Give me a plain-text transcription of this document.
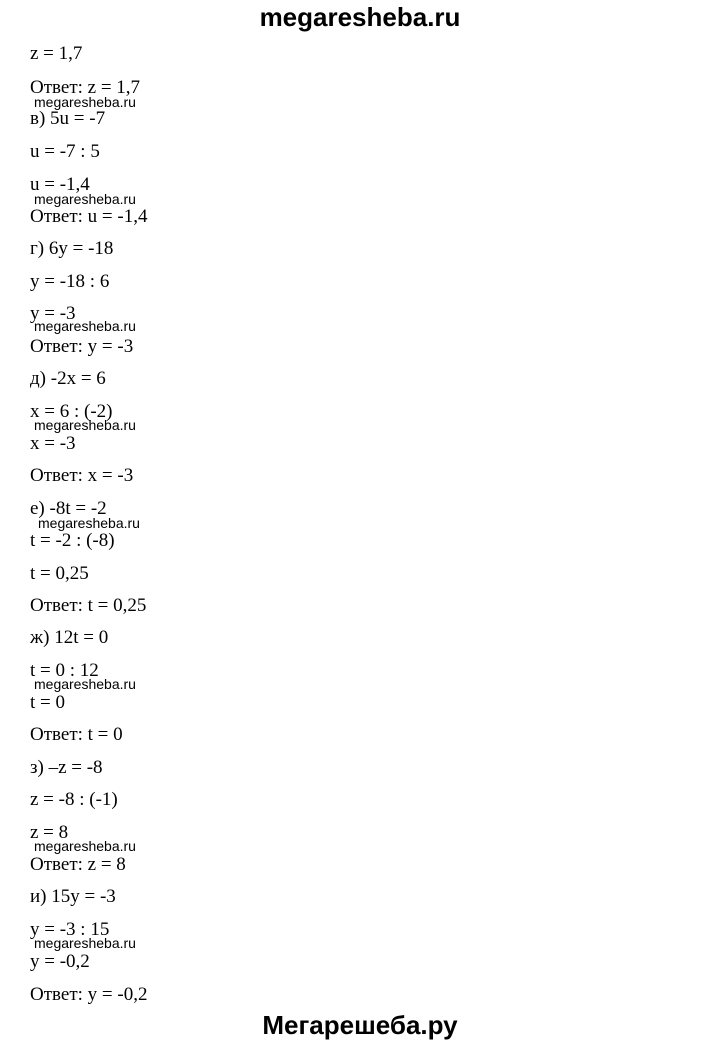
megaresheba.ru
z = 1,7
Ответ: z = 1,7
в) 5u = -7
u = -7 : 5
u = -1,4
Ответ: u = -1,4
г) 6y = -18
y = -18 : 6
y = -3
Ответ: y = -3
д) -2x = 6
x = 6 : (-2)
x = -3
Ответ: x = -3
е) -8t = -2
t = -2 : (-8)
t = 0,25
Ответ: t = 0,25
ж) 12t = 0
t = 0 : 12
t = 0
Ответ: t = 0
з) –z = -8
z = -8 : (-1)
z = 8
Ответ: z = 8
и) 15y = -3
y = -3 : 15
y = -0,2
Ответ: y = -0,2
megaresheba.ru
megaresheba.ru
megaresheba.ru
megaresheba.ru
megaresheba.ru
megaresheba.ru
megaresheba.ru
megaresheba.ru
Мегарешеба.ру
